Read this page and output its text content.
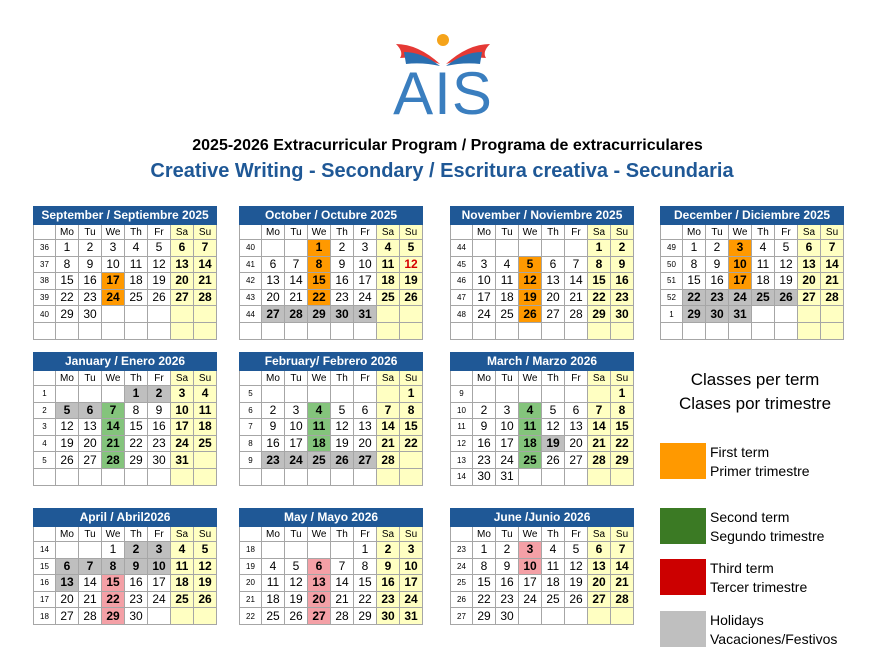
AIS
2025-2026 Extracurricular Program / Programa de extracurriculares
Creative Writing - Secondary / Escritura creativa - Secundaria
September / Septiembre 2025							
	Mo	Tu	We	Th	Fr	Sa	Su
36	1	2	3	4	5	6	7
37	8	9	10	11	12	13	14
38	15	16	17	18	19	20	21
39	22	23	24	25	26	27	28
40	29	30					

October / Octubre 2025							
	Mo	Tu	We	Th	Fr	Sa	Su
40			1	2	3	4	5
41	6	7	8	9	10	11	12
42	13	14	15	16	17	18	19
43	20	21	22	23	24	25	26
44	27	28	29	30	31		

November / Noviembre 2025							
	Mo	Tu	We	Th	Fr	Sa	Su
44						1	2
45	3	4	5	6	7	8	9
46	10	11	12	13	14	15	16
47	17	18	19	20	21	22	23
48	24	25	26	27	28	29	30

December / Diciembre 2025							
	Mo	Tu	We	Th	Fr	Sa	Su
49	1	2	3	4	5	6	7
50	8	9	10	11	12	13	14
51	15	16	17	18	19	20	21
52	22	23	24	25	26	27	28
1	29	30	31				

January / Enero 2026							
	Mo	Tu	We	Th	Fr	Sa	Su
1				1	2	3	4
2	5	6	7	8	9	10	11
3	12	13	14	15	16	17	18
4	19	20	21	22	23	24	25
5	26	27	28	29	30	31	

February/ Febrero 2026							
	Mo	Tu	We	Th	Fr	Sa	Su
5							1
6	2	3	4	5	6	7	8
7	9	10	11	12	13	14	15
8	16	17	18	19	20	21	22
9	23	24	25	26	27	28	

March / Marzo 2026							
	Mo	Tu	We	Th	Fr	Sa	Su
9							1
10	2	3	4	5	6	7	8
11	9	10	11	12	13	14	15
12	16	17	18	19	20	21	22
13	23	24	25	26	27	28	29
14	30	31					
April / Abril2026							
	Mo	Tu	We	Th	Fr	Sa	Su
14			1	2	3	4	5
15	6	7	8	9	10	11	12
16	13	14	15	16	17	18	19
17	20	21	22	23	24	25	26
18	27	28	29	30			
May / Mayo 2026							
	Mo	Tu	We	Th	Fr	Sa	Su
18					1	2	3
19	4	5	6	7	8	9	10
20	11	12	13	14	15	16	17
21	18	19	20	21	22	23	24
22	25	26	27	28	29	30	31
June /Junio 2026							
	Mo	Tu	We	Th	Fr	Sa	Su
23	1	2	3	4	5	6	7
24	8	9	10	11	12	13	14
25	15	16	17	18	19	20	21
26	22	23	24	25	26	27	28
27	29	30					
Classes per term
Clases por trimestre
First term
Primer trimestre
Second term
Segundo trimestre
Third term
Tercer trimestre
Holidays
Vacaciones/Festivos
